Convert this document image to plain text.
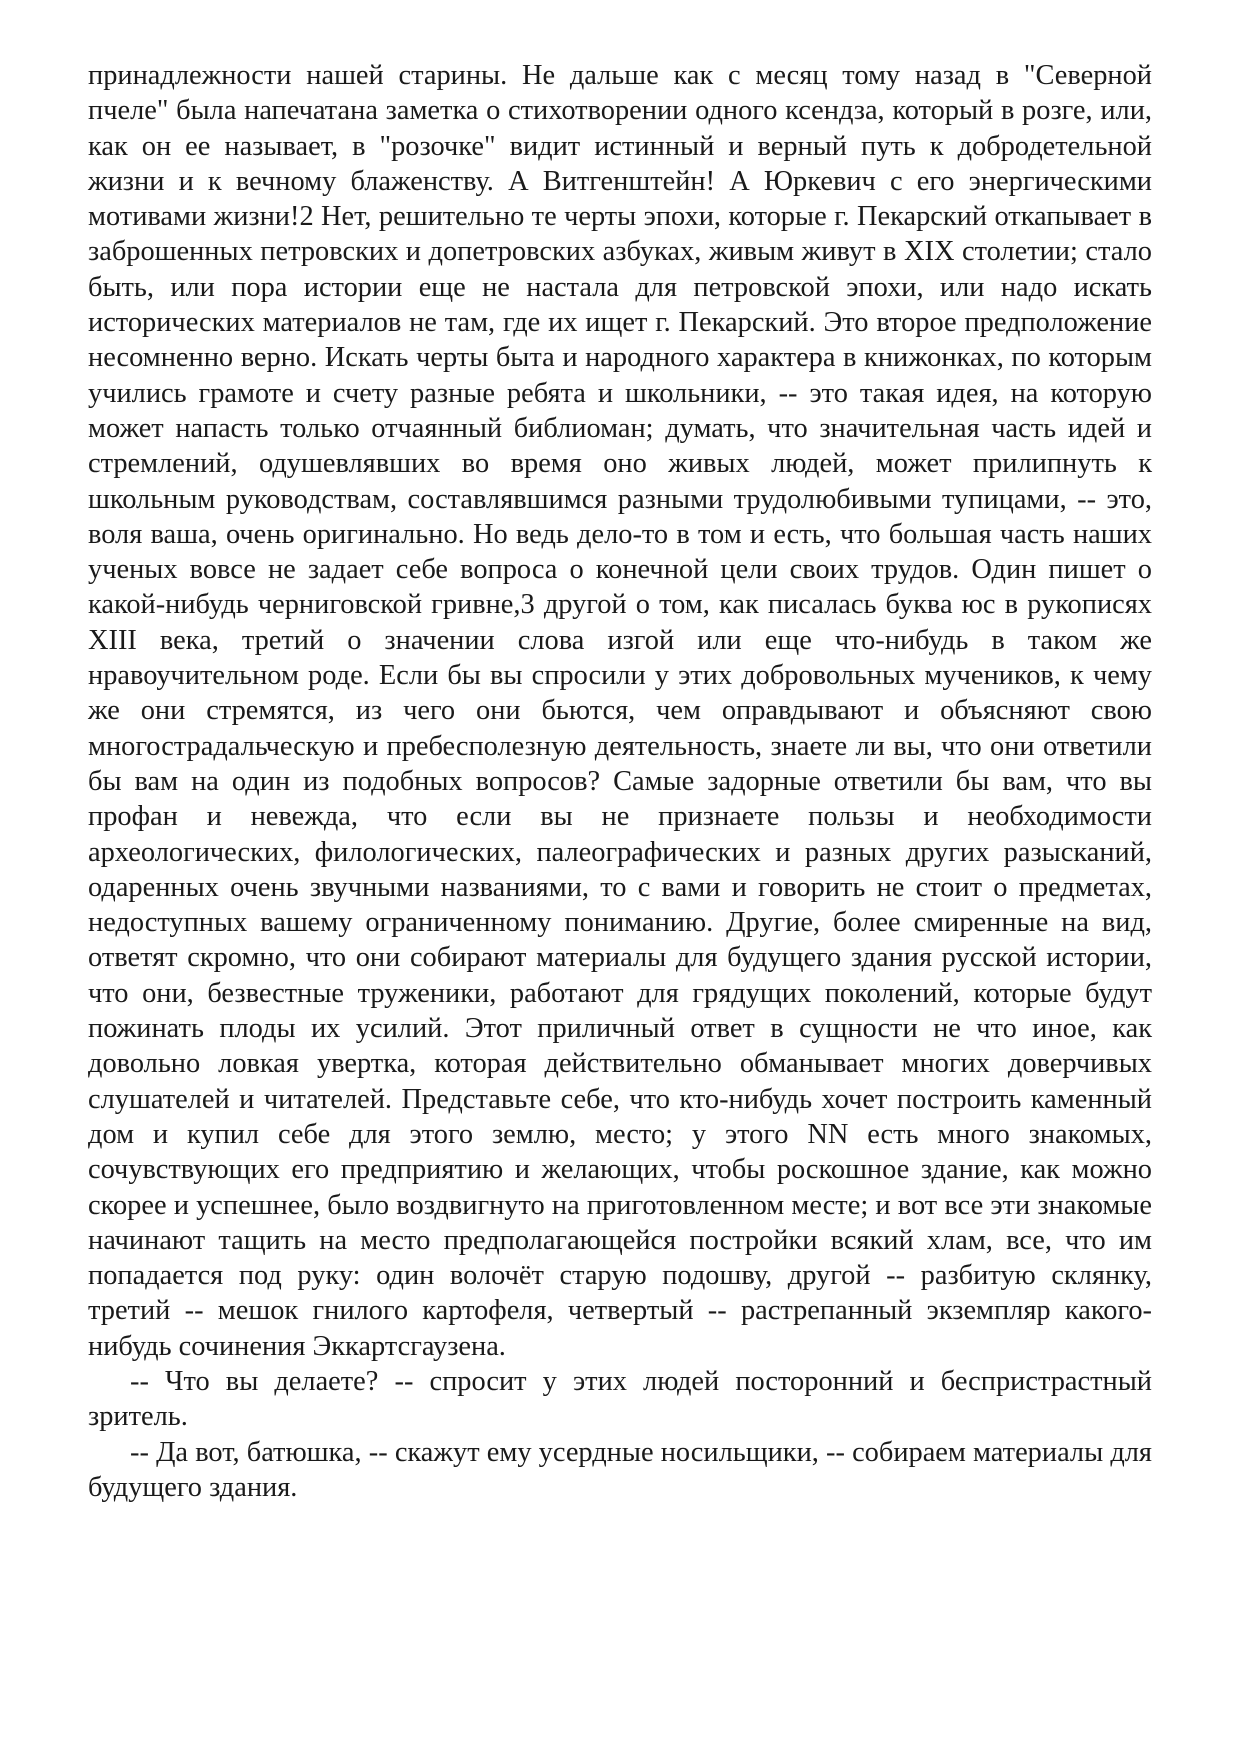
принадлежности нашей старины. Не дальше как с месяц тому назад в "Северной пчеле" была напечатана заметка о стихотворении одного ксендза, который в розге, или, как он ее называет, в "розочке" видит истинный и верный путь к добродетельной жизни и к вечному блаженству. А Витгенштейн! А Юркевич с его энергическими мотивами жизни!2 Нет, решительно те черты эпохи, которые г. Пекарский откапывает в заброшенных петровских и допетровских азбуках, живым живут в XIX столетии; стало быть, или пора истории еще не настала для петровской эпохи, или надо искать исторических материалов не там, где их ищет г. Пекарский. Это второе предположение несомненно верно. Искать черты быта и народного характера в книжонках, по которым учились грамоте и счету разные ребята и школьники, -- это такая идея, на которую может напасть только отчаянный библиоман; думать, что значительная часть идей и стремлений, одушевлявших во время оно живых людей, может прилипнуть к школьным руководствам, составлявшимся разными трудолюбивыми тупицами, -- это, воля ваша, очень оригинально. Но ведь дело-то в том и есть, что большая часть наших ученых вовсе не задает себе вопроса о конечной цели своих трудов. Один пишет о какой-нибудь черниговской гривне,3 другой о том, как писалась буква юс в рукописях XIII века, третий о значении слова изгой или еще что-нибудь в таком же нравоучительном роде. Если бы вы спросили у этих добровольных мучеников, к чему же они стремятся, из чего они бьются, чем оправдывают и объясняют свою многострадальческую и пребесполезную деятельность, знаете ли вы, что они ответили бы вам на один из подобных вопросов? Самые задорные ответили бы вам, что вы профан и невежда, что если вы не признаете пользы и необходимости археологических, филологических, палеографических и разных других разысканий, одаренных очень звучными названиями, то с вами и говорить не стоит о предметах, недоступных вашему ограниченному пониманию. Другие, более смиренные на вид, ответят скромно, что они собирают материалы для будущего здания русской истории, что они, безвестные труженики, работают для грядущих поколений, которые будут пожинать плоды их усилий. Этот приличный ответ в сущности не что иное, как довольно ловкая увертка, которая действительно обманывает многих доверчивых слушателей и читателей. Представьте себе, что кто-нибудь хочет построить каменный дом и купил себе для этого землю, место; у этого NN есть много знакомых, сочувствующих его предприятию и желающих, чтобы роскошное здание, как можно скорее и успешнее, было воздвигнуто на приготовленном месте; и вот все эти знакомые начинают тащить на место предполагающейся постройки всякий хлам, все, что им попадается под руку: один волочёт старую подошву, другой -- разбитую склянку, третий -- мешок гнилого картофеля, четвертый -- растрепанный экземпляр какого-нибудь сочинения Эккартсгаузена.

-- Что вы делаете? -- спросит у этих людей посторонний и беспристрастный зритель.

-- Да вот, батюшка, -- скажут ему усердные носильщики, -- собираем материалы для будущего здания.
